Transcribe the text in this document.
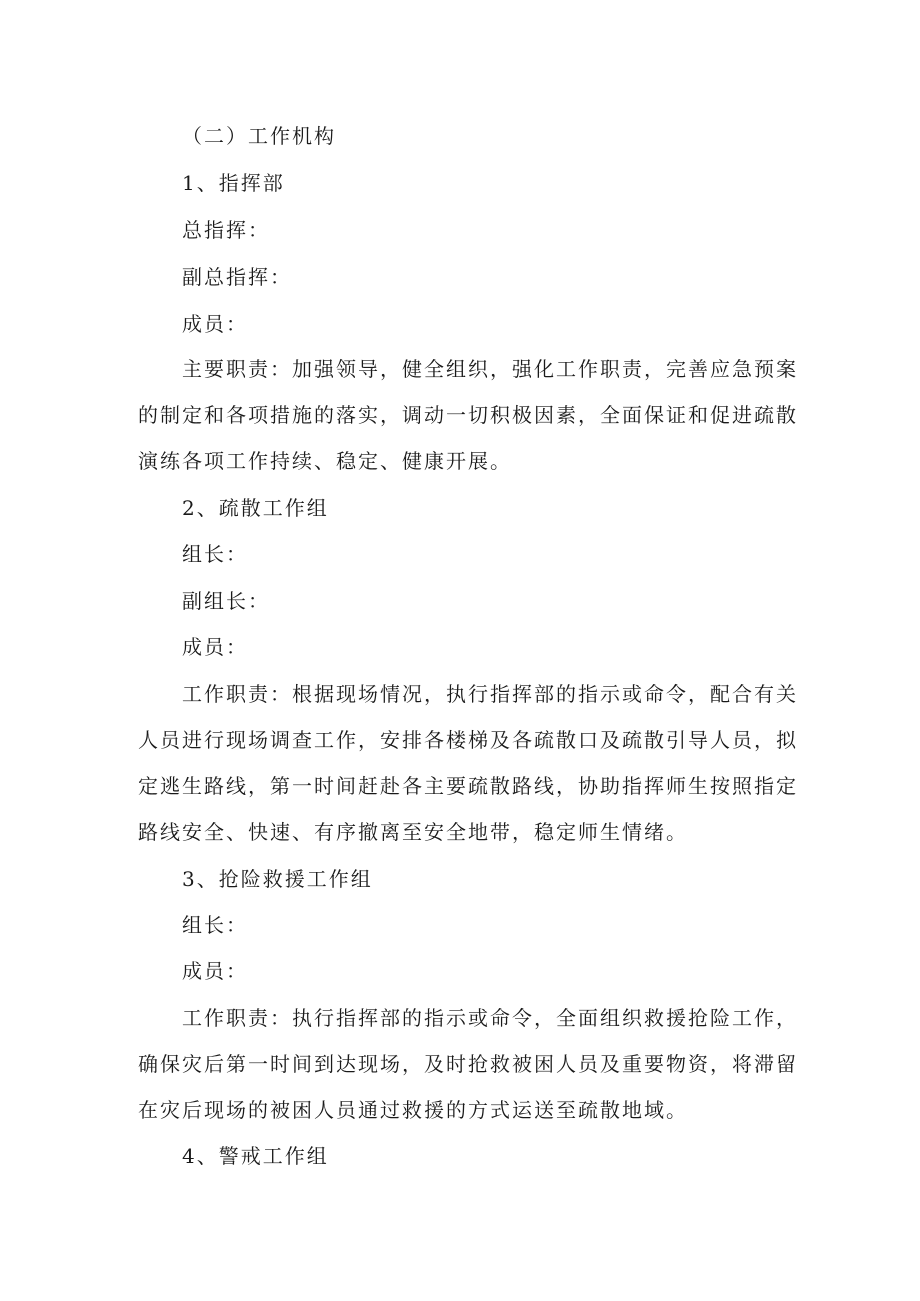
（二）工作机构
1、指挥部
总指挥：
副总指挥：
成员：
主要职责：加强领导，健全组织，强化工作职责，完善应急预案
的制定和各项措施的落实，调动一切积极因素，全面保证和促进疏散
演练各项工作持续、稳定、健康开展。
2、疏散工作组
组长：
副组长：
成员：
工作职责：根据现场情况，执行指挥部的指示或命令，配合有关
人员进行现场调查工作，安排各楼梯及各疏散口及疏散引导人员，拟
定逃生路线，第一时间赶赴各主要疏散路线，协助指挥师生按照指定
路线安全、快速、有序撤离至安全地带，稳定师生情绪。
3、抢险救援工作组
组长：
成员：
工作职责：执行指挥部的指示或命令，全面组织救援抢险工作，
确保灾后第一时间到达现场，及时抢救被困人员及重要物资，将滞留
在灾后现场的被困人员通过救援的方式运送至疏散地域。
4、警戒工作组
